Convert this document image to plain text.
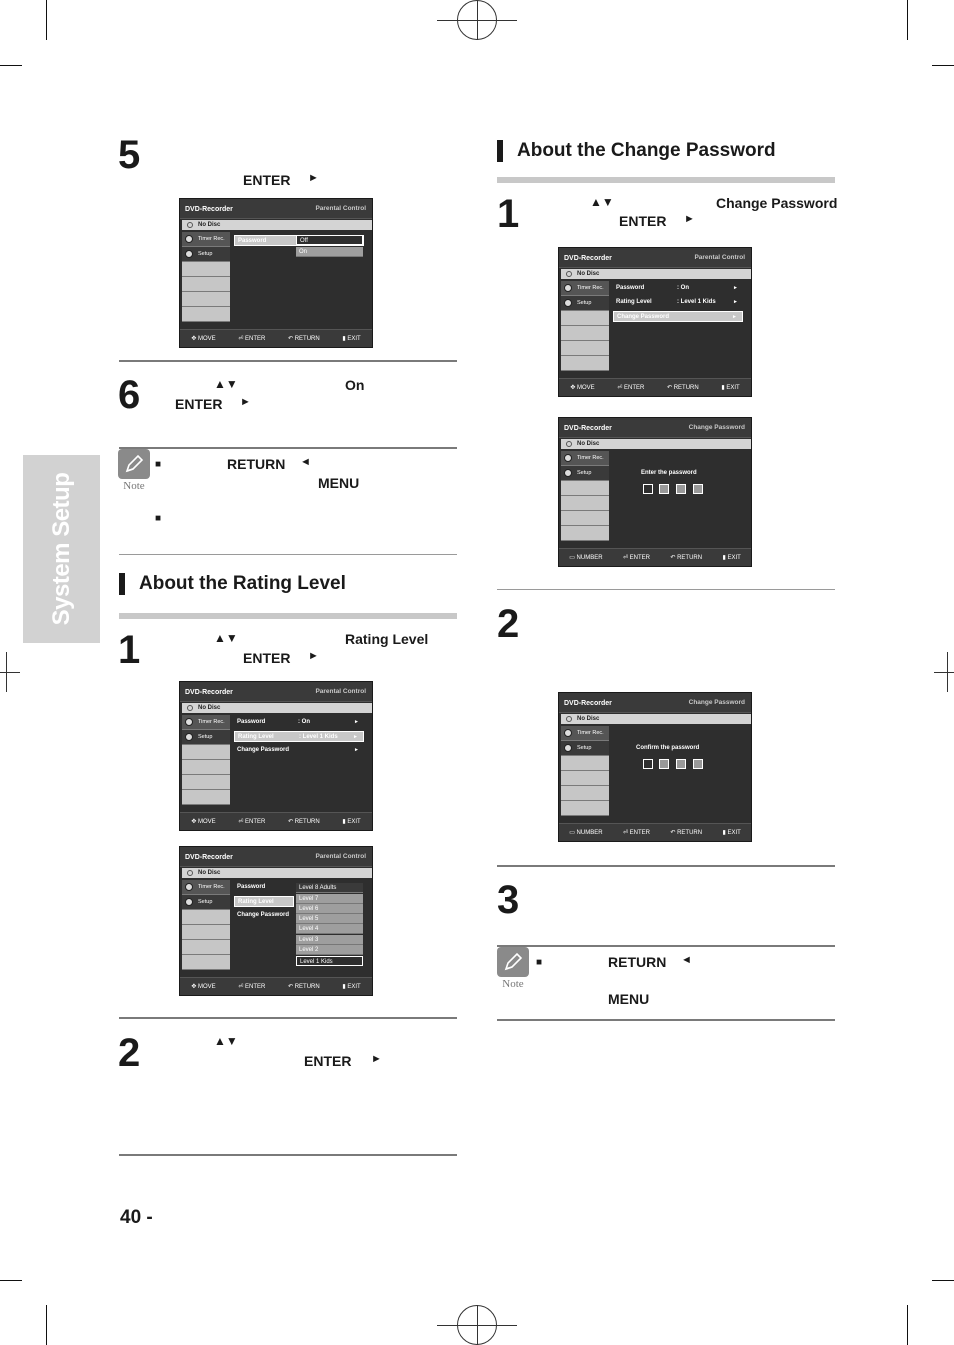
System Setup
5
ENTER ►
DVD-Recorder	Parental Control
No Disc
Timer Rec.
Setup
Password	Off
On
✥ MOVE	⏎ ENTER	↶ RETURN	▮ EXIT
6	▲▼	On
ENTER ►
Note
■	RETURN ◄
MENU
■
About the Rating Level
1	▲▼	Rating Level
ENTER ►
DVD-Recorder	Parental Control
No Disc
Timer Rec.
Setup
Password	: On	►
Rating Level	: Level 1 Kids	►
Change Password	►
✥ MOVE	⏎ ENTER	↶ RETURN	▮ EXIT
DVD-Recorder	Parental Control
No Disc
Timer Rec.
Setup
Password
Rating Level
Change Password
Level 8 Adults
Level 7
Level 6
Level 5
Level 4
Level 3
Level 2
Level 1 Kids
✥ MOVE	⏎ ENTER	↶ RETURN	▮ EXIT
2	▲▼
ENTER ►
40 -
About the Change Password
1	▲▼	Change Password
ENTER ►
DVD-Recorder	Parental Control
No Disc
Timer Rec.
Setup
Password	: On	►
Rating Level	: Level 1 Kids	►
Change Password	►
✥ MOVE	⏎ ENTER	↶ RETURN	▮ EXIT
DVD-Recorder	Change Password
No Disc
Timer Rec.
Setup	Enter the password
▭ NUMBER	⏎ ENTER	↶ RETURN	▮ EXIT
2
DVD-Recorder	Change Password
No Disc
Timer Rec.
Setup	Confirm the password
▭ NUMBER	⏎ ENTER	↶ RETURN	▮ EXIT
3
Note
■	RETURN ◄
MENU
